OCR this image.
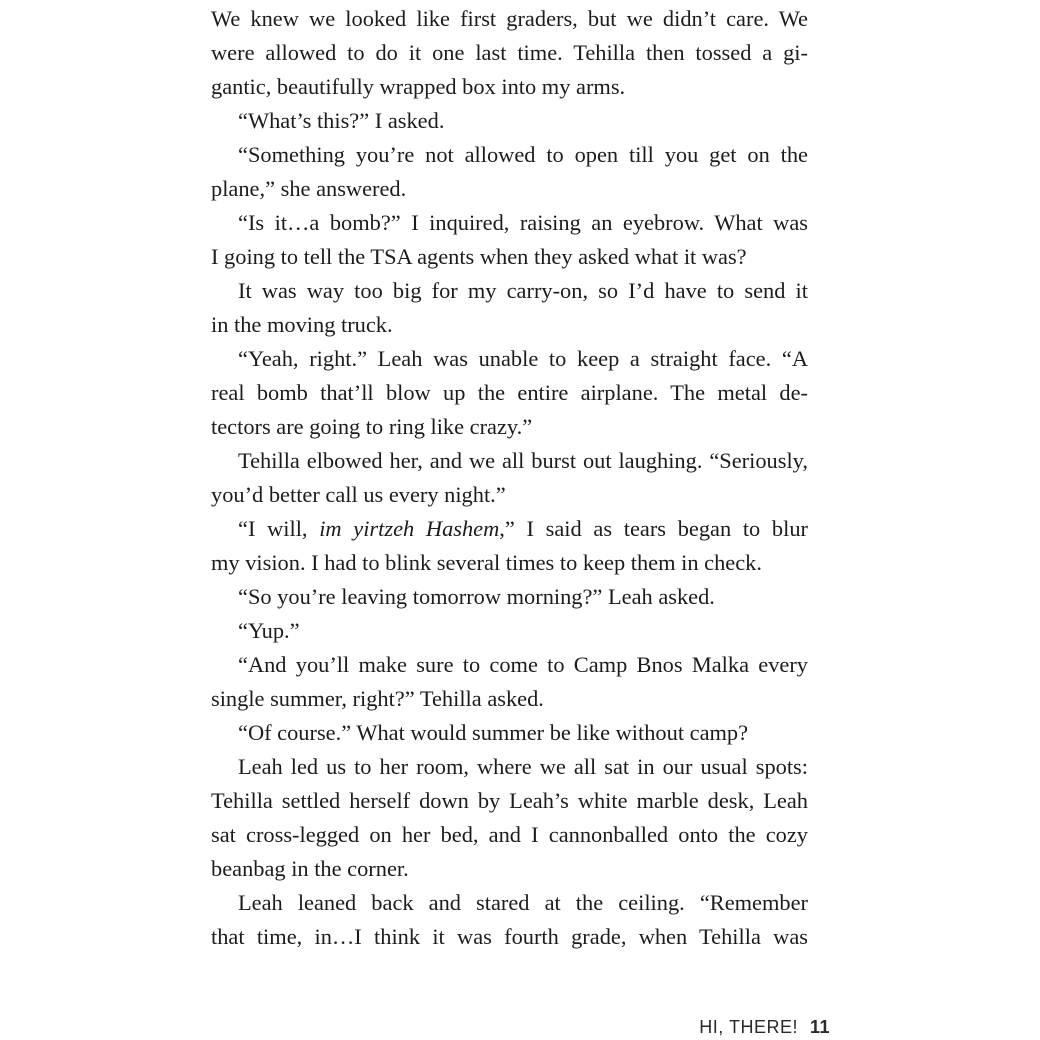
We knew we looked like first graders, but we didn’t care. We
were allowed to do it one last time. Tehilla then tossed a gi-
gantic, beautifully wrapped box into my arms.
“What’s this?” I asked.
“Something you’re not allowed to open till you get on the
plane,” she answered.
“Is it…a bomb?” I inquired, raising an eyebrow. What was
I going to tell the TSA agents when they asked what it was?
It was way too big for my carry-on, so I’d have to send it
in the moving truck.
“Yeah, right.” Leah was unable to keep a straight face. “A
real bomb that’ll blow up the entire airplane. The metal de-
tectors are going to ring like crazy.”
Tehilla elbowed her, and we all burst out laughing. “Seriously,
you’d better call us every night.”
“I will, im yirtzeh Hashem,” I said as tears began to blur
my vision. I had to blink several times to keep them in check.
“So you’re leaving tomorrow morning?” Leah asked.
“Yup.”
“And you’ll make sure to come to Camp Bnos Malka every
single summer, right?” Tehilla asked.
“Of course.” What would summer be like without camp?
Leah led us to her room, where we all sat in our usual spots:
Tehilla settled herself down by Leah’s white marble desk, Leah
sat cross-legged on her bed, and I cannonballed onto the cozy
beanbag in the corner.
Leah leaned back and stared at the ceiling. “Remember
that time, in…I think it was fourth grade, when Tehilla was
HI, THERE! 11
